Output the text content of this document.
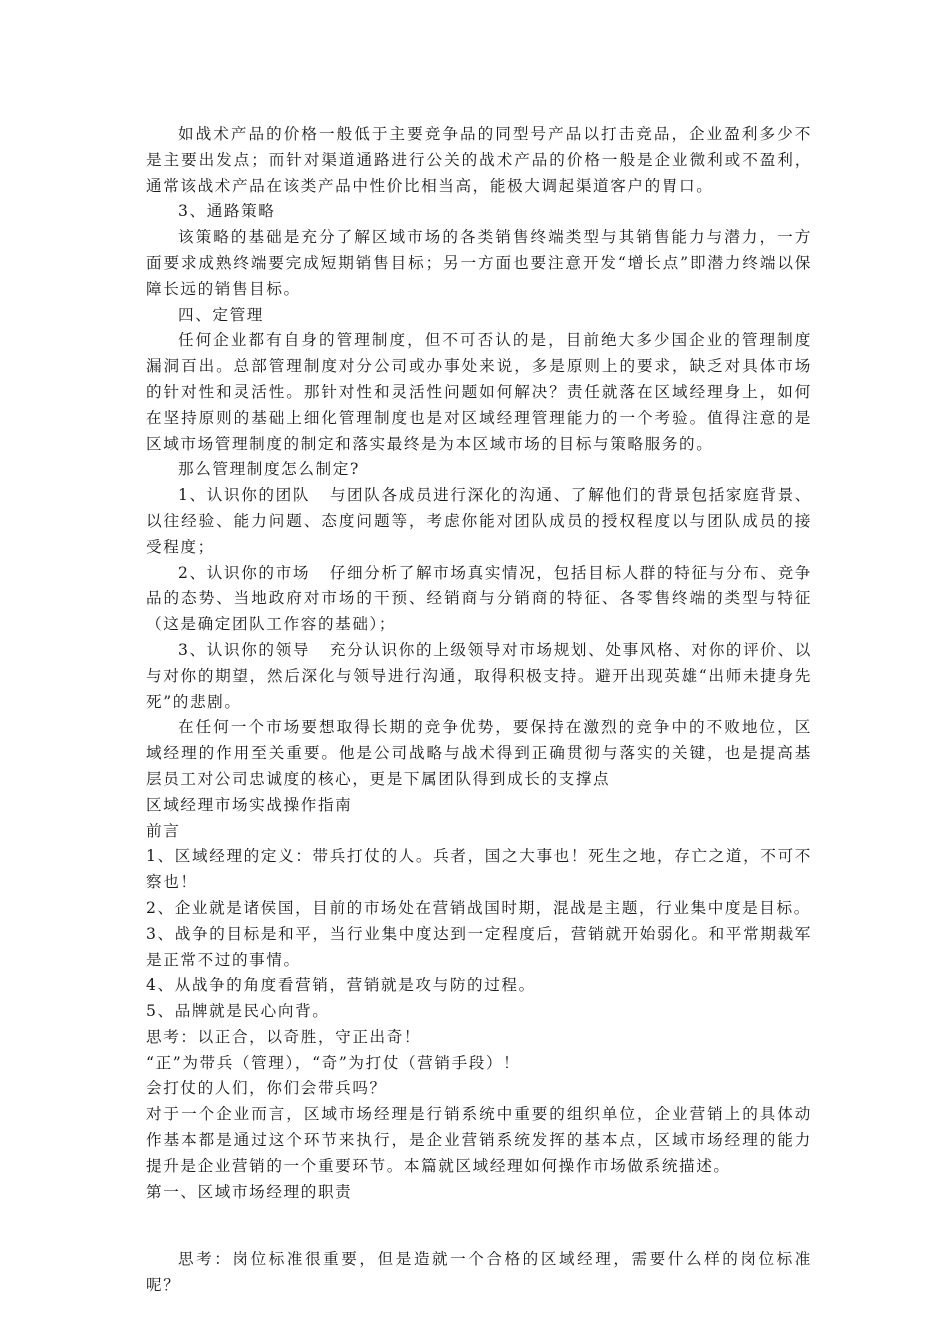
如战术产品的价格一般低于主要竞争品的同型号产品以打击竞品，企业盈利多少不是主要出发点；而针对渠道通路进行公关的战术产品的价格一般是企业微利或不盈利，通常该战术产品在该类产品中性价比相当高，能极大调起渠道客户的胃口。

3、通路策略

该策略的基础是充分了解区域市场的各类销售终端类型与其销售能力与潜力，一方面要求成熟终端要完成短期销售目标；另一方面也要注意开发“增长点”即潜力终端以保障长远的销售目标。

四、定管理

任何企业都有自身的管理制度，但不可否认的是，目前绝大多少国企业的管理制度漏洞百出。总部管理制度对分公司或办事处来说，多是原则上的要求，缺乏对具体市场的针对性和灵活性。那针对性和灵活性问题如何解决？责任就落在区域经理身上，如何在坚持原则的基础上细化管理制度也是对区域经理管理能力的一个考验。值得注意的是区域市场管理制度的制定和落实最终是为本区域市场的目标与策略服务的。

那么管理制度怎么制定?

1、认识你的团队   与团队各成员进行深化的沟通、了解他们的背景包括家庭背景、以往经验、能力问题、态度问题等，考虑你能对团队成员的授权程度以与团队成员的接受程度；

2、认识你的市场   仔细分析了解市场真实情况，包括目标人群的特征与分布、竞争品的态势、当地政府对市场的干预、经销商与分销商的特征、各零售终端的类型与特征（这是确定团队工作容的基础）；

3、认识你的领导   充分认识你的上级领导对市场规划、处事风格、对你的评价、以与对你的期望，然后深化与领导进行沟通，取得积极支持。避开出现英雄“出师未捷身先死”的悲剧。

在任何一个市场要想取得长期的竞争优势，要保持在激烈的竞争中的不败地位，区域经理的作用至关重要。他是公司战略与战术得到正确贯彻与落实的关键，也是提高基层员工对公司忠诚度的核心，更是下属团队得到成长的支撑点

区域经理市场实战操作指南

前言

1、区域经理的定义：带兵打仗的人。兵者，国之大事也！死生之地，存亡之道，不可不察也！

2、企业就是诸侯国，目前的市场处在营销战国时期，混战是主题，行业集中度是目标。

3、战争的目标是和平，当行业集中度达到一定程度后，营销就开始弱化。和平常期裁军是正常不过的事情。

4、从战争的角度看营销，营销就是攻与防的过程。

5、品牌就是民心向背。

思考：以正合，以奇胜，守正出奇！

“正”为带兵（管理），“奇”为打仗（营销手段）！

会打仗的人们，你们会带兵吗？

对于一个企业而言，区域市场经理是行销系统中重要的组织单位，企业营销上的具体动作基本都是通过这个环节来执行，是企业营销系统发挥的基本点，区域市场经理的能力提升是企业营销的一个重要环节。本篇就区域经理如何操作市场做系统描述。

第一、区域市场经理的职责

思考：岗位标准很重要，但是造就一个合格的区域经理，需要什么样的岗位标准呢？
